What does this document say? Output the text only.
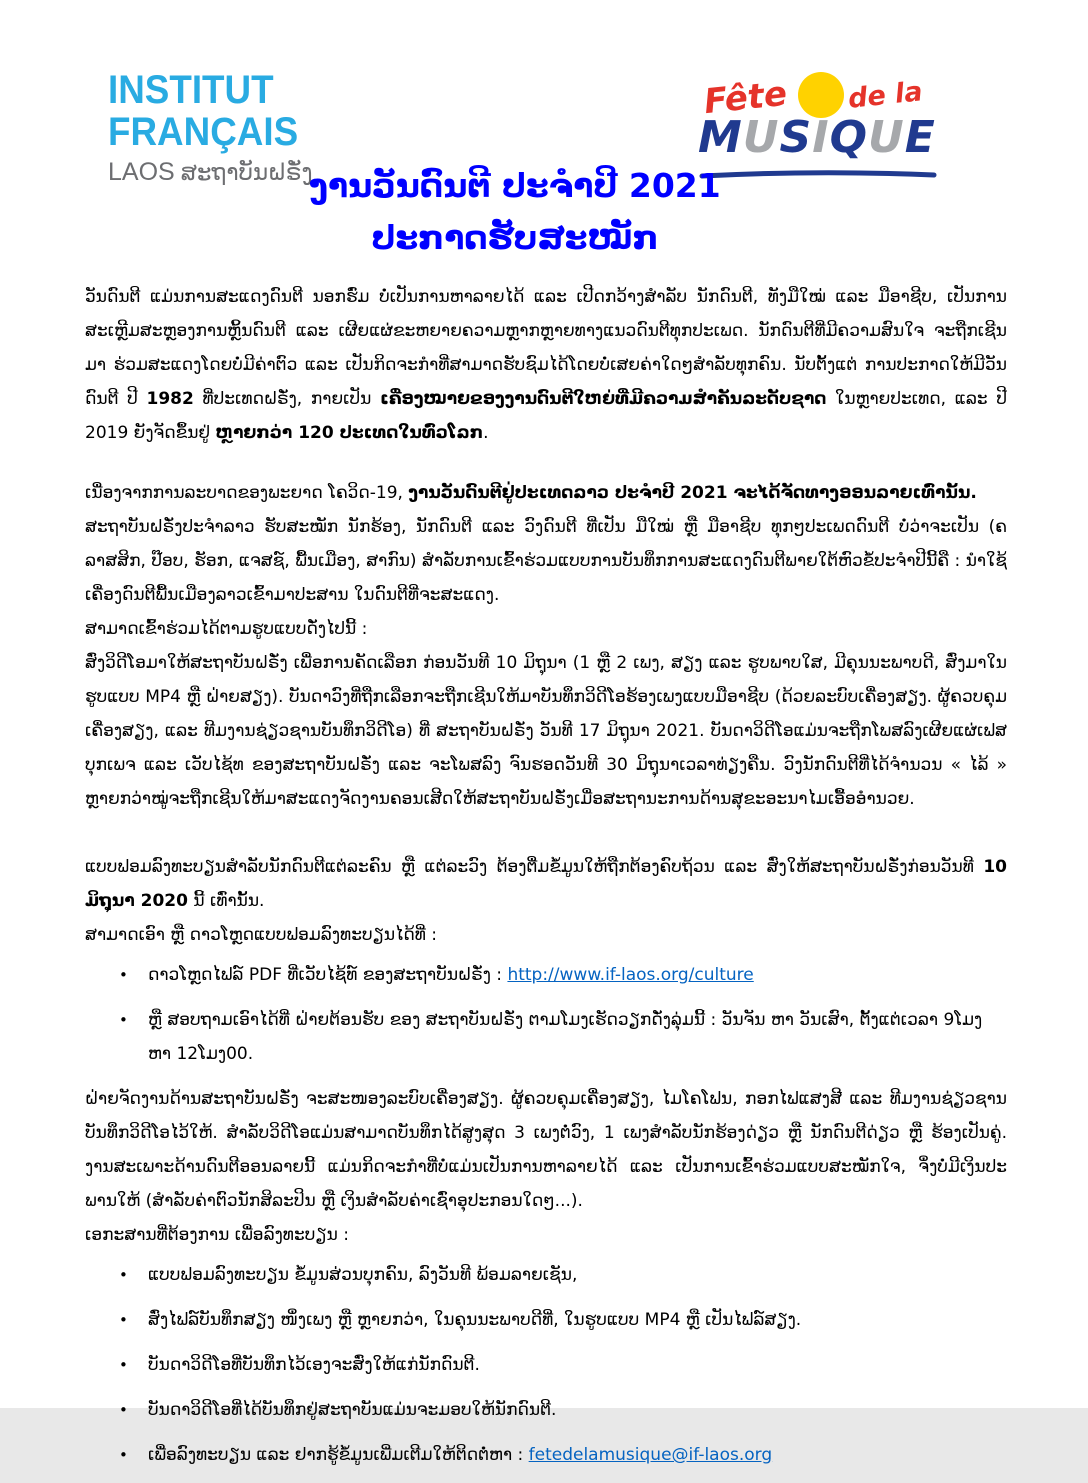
INSTITUT
FRANÇAIS
LAOS ສະຖາບັນຝຣັ່ງ
Fête de la
MUSIQUE
ງານວັນດົນຕີ ປະຈໍາປີ 2021
ປະກາດຮັບສະໝັກ

ວັນດົນຕີ ແມ່ນການສະແດງດົນຕີ ນອກຮົ່ມ ບໍ່ເປັນການຫາລາຍໄດ້ ແລະ ເປີດກວ້າງສໍາລັບ ນັກດົນຕີ, ທັງມືໃໝ່ ແລະ ມືອາຊີບ, ເປັນການສະເຫຼີມສະຫຼອງການຫຼິ້ນດົນຕີ ແລະ ເຜີຍແຜ່ຂະຫຍາຍຄວາມຫຼາກຫຼາຍທາງແນວດົນຕີທຸກປະເພດ. ນັກດົນຕີທີ່ມີຄວາມສົນໃຈ ຈະຖືກເຊີນມາ ຮ່ວມສະແດງໂດຍບໍ່ມີຄ່າຕົວ ແລະ ເປັນກິດຈະກຳທີ່ສາມາດຮັບຊົມໄດ້ໂດຍບໍ່ເສຍຄ່າໃດໆສໍາລັບທຸກຄົນ. ນັບຕັ້ງແຕ່ ການປະກາດໃຫ້ມີວັນດົນຕີ ປີ 1982 ທີ່ປະເທດຝຣັ່ງ, ກາຍເປັນ ເຄື່ອງໝາຍຂອງງານດົນຕີໃຫຍ່ທີ່ມີຄວາມສໍາຄັນລະດັບຊາດ ໃນຫຼາຍປະເທດ, ແລະ ປີ 2019 ຍັງຈັດຂຶ້ນຢູ່ ຫຼາຍກວ່າ 120 ປະເທດໃນທົ່ວໂລກ.

ເນື່ອງຈາກການລະບາດຂອງພະຍາດ ໂຄວິດ-19, ງານວັນດົນຕີຢູ່ປະເທດລາວ ປະຈໍາປີ 2021 ຈະໄດ້ຈັດທາງອອນລາຍເທົ່ານັ້ນ.

ສະຖາບັນຝຣັ່ງປະຈໍາລາວ ຮັບສະໝັກ ນັກຮ້ອງ, ນັກດົນຕີ ແລະ ວົງດົນຕີ ທີ່ເປັນ ມືໃໝ່ ຫຼື ມືອາຊີບ ທຸກໆປະເພດດົນຕີ ບໍ່ວ່າຈະເປັນ (ຄລາສສິກ, ປ໊ອບ, ຮັອກ, ແຈສຊ໌, ພື້ນເມືອງ, ສາກົນ) ສໍາລັບການເຂົ້າຮ່ວມແບບການບັນທຶກການສະແດງດົນຕີພາຍໃຕ້ຫົວຂໍ້ປະຈໍາປີນີ້ຄື : ນໍາໃຊ້ເຄື່ອງດົນຕີພື້ນເມືອງລາວເຂົ້າມາປະສານ ໃນດົນຕີທີ່ຈະສະແດງ.

ສາມາດເຂົ້າຮ່ວມໄດ້ຕາມຮູບແບບດັ່ງໄປນີ້ :

ສົ່ງວິດີໂອມາໃຫ້ສະຖາບັນຝຣັ່ງ ເພື່ອການຄັດເລືອກ ກ່ອນວັນທີ 10 ມິຖຸນາ (1 ຫຼື 2 ເພງ, ສຽງ ແລະ ຮູບພາບໃສ, ມີຄຸນນະພາບດີ, ສົ່ງມາໃນຮູບແບບ MP4 ຫຼື ຝ່າຍສຽງ). ບັນດາວົງທີ່ຖືກເລືອກຈະຖືກເຊີນໃຫ້ມາບັນທຶກວິດີໂອຮ້ອງເພງແບບມືອາຊີບ (ດ້ວຍລະບົບເຄື່ອງສຽງ. ຜູ້ຄວບຄຸມເຄື່ອງສຽງ, ແລະ ທີມງານຊ່ຽວຊານບັນທຶກວິດີໂອ) ທີ່ ສະຖາບັນຝຣັ່ງ ວັນທີ 17 ມິຖຸນາ 2021. ບັນດາວິດີໂອແມ່ນຈະຖືກໂພສລົງເຜີຍແຜ່ເຟສບຸກເພຈ ແລະ ເວັບໄຊ້ທ ຂອງສະຖາບັນຝຣັ່ງ ແລະ ຈະໂພສລົງ ຈົນຮອດວັນທີ 30 ມິຖຸນາເວລາທ່ຽງຄືນ. ວົງນັກດົນຕີທີ່ໄດ້ຈໍານວນ « ໄລ້ » ຫຼາຍກວ່າໝູ່ຈະຖືກເຊີນໃຫ້ມາສະແດງຈັດງານຄອນເສີດໃຫ້ສະຖາບັນຝຣັ່ງເມື່ອສະຖານະການດ້ານສຸຂະອະນາໄມເອື້ອອໍານວຍ.

ແບບຟອມລົງທະບຽນສໍາລັບນັກດົນຕີແຕ່ລະຄົນ ຫຼື ແຕ່ລະວົງ ຕ້ອງຕື່ມຂໍ້ມູນໃຫ້ຖືກຕ້ອງຄົບຖ້ວນ ແລະ ສົ່ງໃຫ້ສະຖາບັນຝຣັ່ງກ່ອນວັນທີ 10 ມິຖຸນາ 2020 ນີ້ ເທົ່ານັ້ນ.

ສາມາດເອົາ ຫຼື ດາວໂຫຼດແບບຟອມລົງທະບຽນໄດ້ທີ່ :

• ດາວໂຫຼດໄຟລ໌ PDF ທີ່ເວັບໄຊ້ທ໌ ຂອງສະຖາບັນຝຣັ່ງ : http://www.if-laos.org/culture
• ຫຼື ສອບຖາມເອົາໄດ້ທີ່ ຝ່າຍຕ້ອນຮັບ ຂອງ ສະຖາບັນຝຣັ່ງ ຕາມໂມງເຮັດວຽກດັ່ງລຸ່ມນີ້ : ວັນຈັນ ຫາ ວັນເສົາ, ຕັ້ງແຕ່ເວລາ 9ໂມງ ຫາ 12ໂມງ00.

ຝ່າຍຈັດງານດ້ານສະຖາບັນຝຣັ່ງ ຈະສະໜອງລະບົບເຄື່ອງສຽງ. ຜູ້ຄວບຄຸມເຄື່ອງສຽງ, ໄມໂຄໂຟນ, ກອກໄຟແສງສີ ແລະ ທີມງານຊ່ຽວຊານບັນທຶກວິດີໂອໄວ້ໃຫ້. ສໍາລັບວິດີໂອແມ່ນສາມາດບັນທຶກໄດ້ສູງສຸດ 3 ເພງຕໍ່ວົງ, 1 ເພງສໍາລັບນັກຮ້ອງດ່ຽວ ຫຼື ນັກດົນຕີດ່ຽວ ຫຼື ຮ້ອງເປັນຄູ່. ງານສະເພາະດ້ານດົນຕີອອນລາຍນີ້ ແມ່ນກິດຈະກຳທີ່ບໍ່ແມ່ນເປັນການຫາລາຍໄດ້ ແລະ ເປັນການເຂົ້າຮ່ວມແບບສະໝັກໃຈ, ຈຶ່ງບໍ່ມີເງິນປະພານໃຫ້ (ສໍາລັບຄ່າຕົວນັກສິລະປິນ ຫຼື ເງິນສໍາລັບຄ່າເຊົ່າອຸປະກອນໃດໆ...).

ເອກະສານທີ່ຕ້ອງການ ເພື່ອລົງທະບຽນ :

• ແບບຟອມລົງທະບຽນ ຂໍ້ມູນສ່ວນບຸກຄົນ, ລົງວັນທີ ພ້ອມລາຍເຊັນ,
• ສົ່ງໄຟລ໌ບັນທຶກສຽງ ໜຶ່ງເພງ ຫຼື ຫຼາຍກວ່າ, ໃນຄຸນນະພາບດີທີ່, ໃນຮູບແບບ MP4 ຫຼື ເປັນໄຟລ໌ສຽງ.
• ບັນດາວິດີໂອທີ່ບັນທຶກໄວ້ເອງຈະສົ່ງໃຫ້ແກ່ນັກດົນຕີ.
• ບັນດາວິດີໂອທີ່ໄດ້ບັນທຶກຢູ່ສະຖາບັນແມ່ນຈະມອບໃຫ້ນັກດົນຕີ.
• ເພື່ອລົງທະບຽນ ແລະ ຢາກຮູ້ຂໍ້ມູນເພີ່ມເຕີມໃຫ້ຕິດຕໍ່ຫາ : fetedelamusique@if-laos.org
